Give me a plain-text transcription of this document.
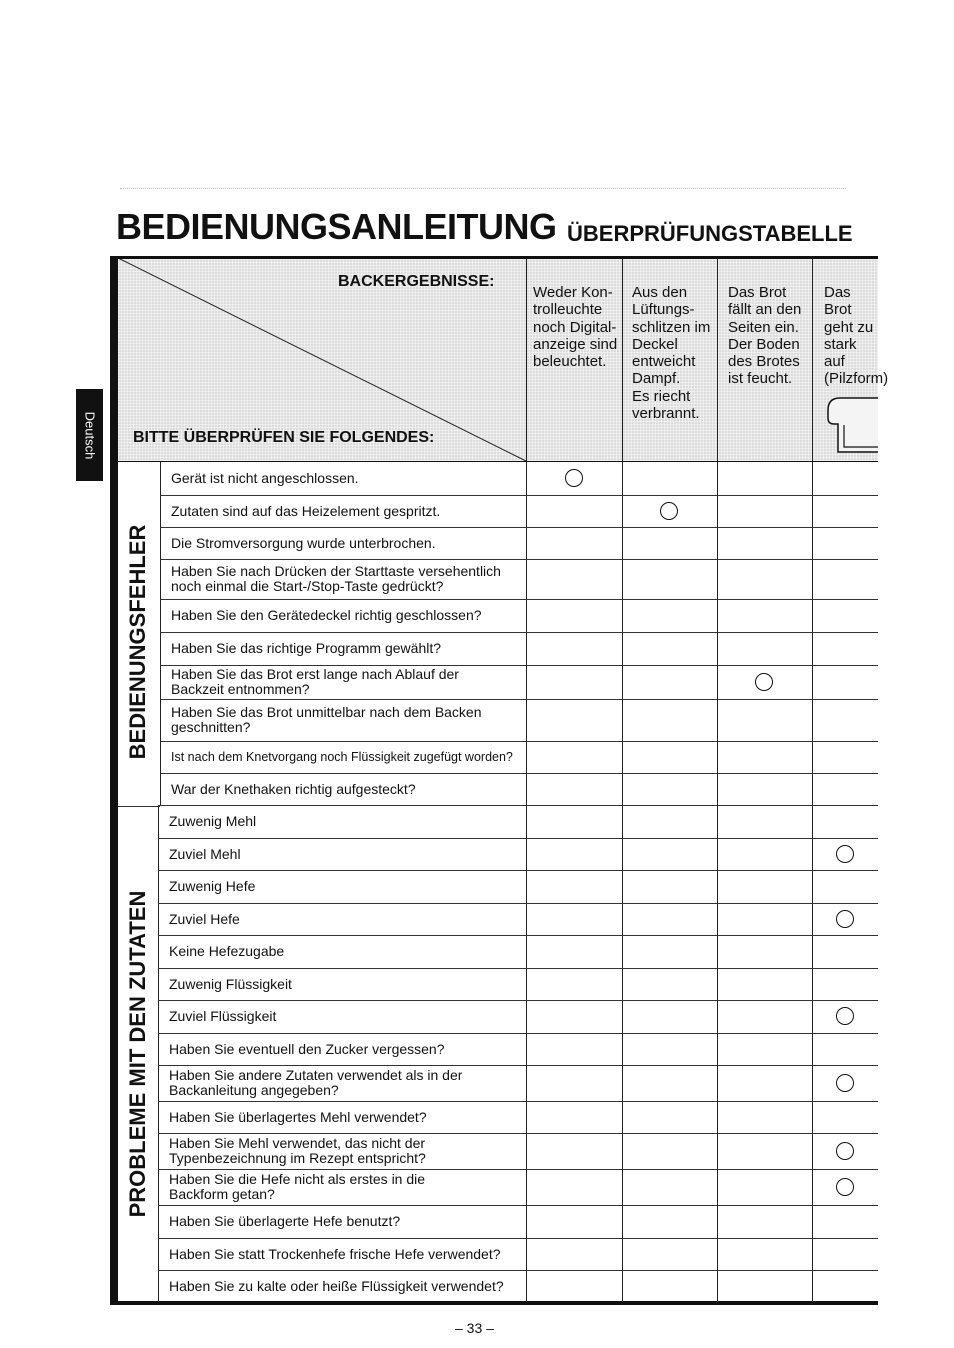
BEDIENUNGSANLEITUNG ÜBERPRÜFUNGSTABELLE
Deutsch
BACKERGEBNISSE:
BITTE ÜBERPRÜFEN SIE FOLGENDES:
Weder Kon-
trolleuchte
noch Digital-
anzeige sind
beleuchtet.
Aus den
Lüftungs-
schlitzen im
Deckel
entweicht
Dampf.
Es riecht
verbrannt.
Das Brot
fällt an den
Seiten ein.
Der Boden
des Brotes
ist feucht.
Das Brot
geht zu
stark auf
(Pilzform)
BEDIENUNGSFEHLER
PROBLEME MIT DEN ZUTATEN
Gerät ist nicht angeschlossen.
Zutaten sind auf das Heizelement gespritzt.
Die Stromversorgung wurde unterbrochen.
Haben Sie nach Drücken der Starttaste versehentlich
noch einmal die Start-/Stop-Taste gedrückt?
Haben Sie den Gerätedeckel richtig geschlossen?
Haben Sie das richtige Programm gewählt?
Haben Sie das Brot erst lange nach Ablauf der
Backzeit entnommen?
Haben Sie das Brot unmittelbar nach dem Backen
geschnitten?
Ist nach dem Knetvorgang noch Flüssigkeit zugefügt worden?
War der Knethaken richtig aufgesteckt?
Zuwenig Mehl
Zuviel Mehl
Zuwenig Hefe
Zuviel Hefe
Keine Hefezugabe
Zuwenig Flüssigkeit
Zuviel Flüssigkeit
Haben Sie eventuell den Zucker vergessen?
Haben Sie andere Zutaten verwendet als in der
Backanleitung angegeben?
Haben Sie überlagertes Mehl verwendet?
Haben Sie Mehl verwendet, das nicht der
Typenbezeichnung im Rezept entspricht?
Haben Sie die Hefe nicht als erstes in die
Backform getan?
Haben Sie überlagerte Hefe benutzt?
Haben Sie statt Trockenhefe frische Hefe verwendet?
Haben Sie zu kalte oder heiße Flüssigkeit verwendet?
– 33 –
